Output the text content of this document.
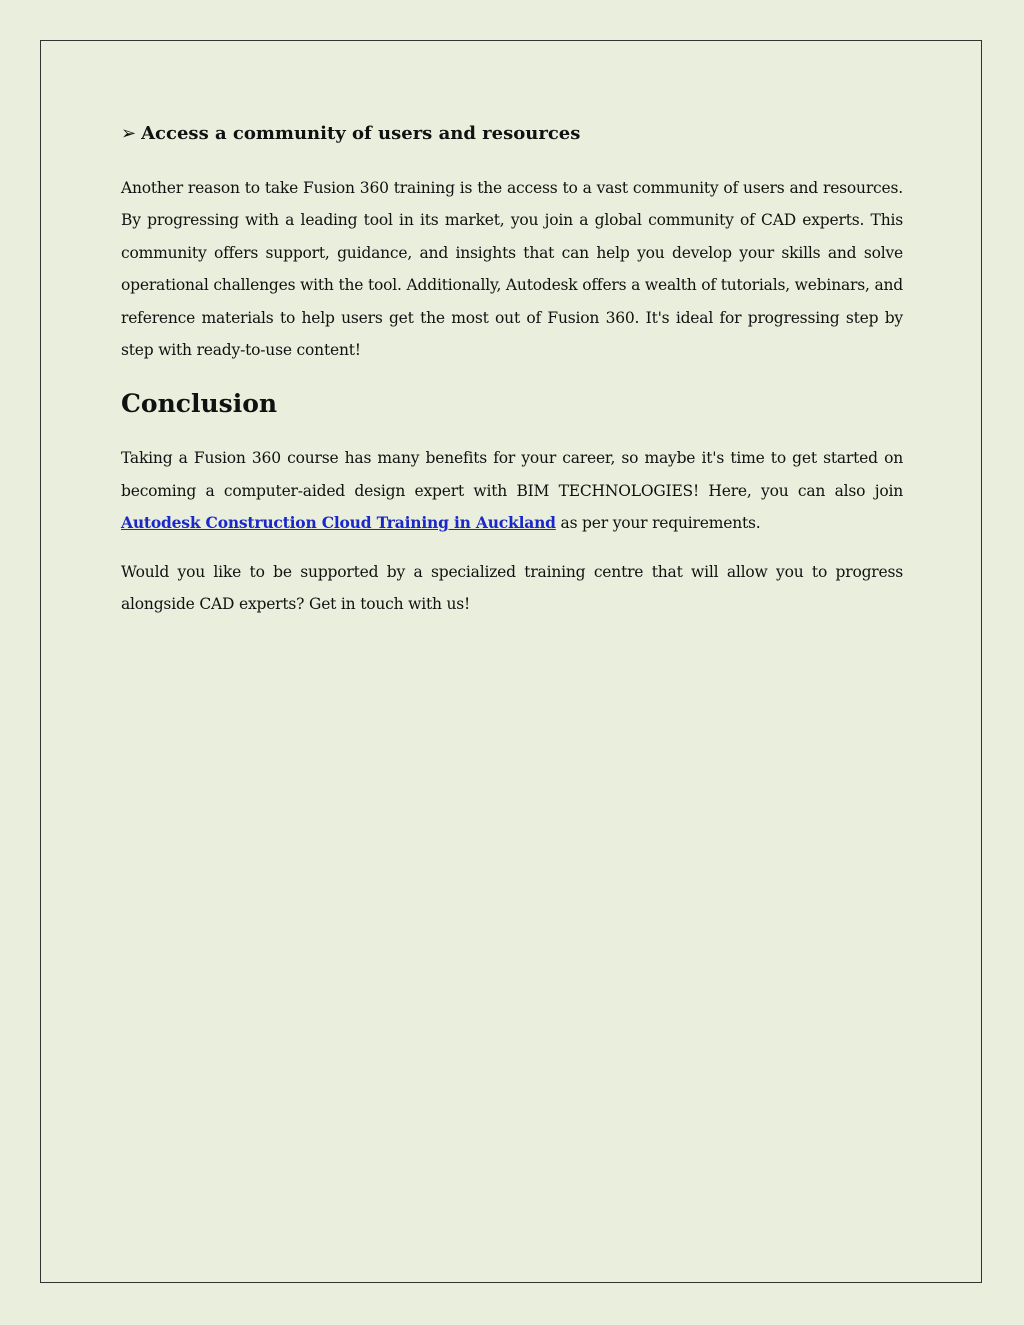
➢ Access a community of users and resources

Another reason to take Fusion 360 training is the access to a vast community of users and resources. By progressing with a leading tool in its market, you join a global community of CAD experts. This community offers support, guidance, and insights that can help you develop your skills and solve operational challenges with the tool. Additionally, Autodesk offers a wealth of tutorials, webinars, and reference materials to help users get the most out of Fusion 360. It's ideal for progressing step by step with ready-to-use content!

Conclusion

Taking a Fusion 360 course has many benefits for your career, so maybe it's time to get started on becoming a computer-aided design expert with BIM TECHNOLOGIES! Here, you can also join Autodesk Construction Cloud Training in Auckland as per your requirements.

Would you like to be supported by a specialized training centre that will allow you to progress alongside CAD experts? Get in touch with us!
